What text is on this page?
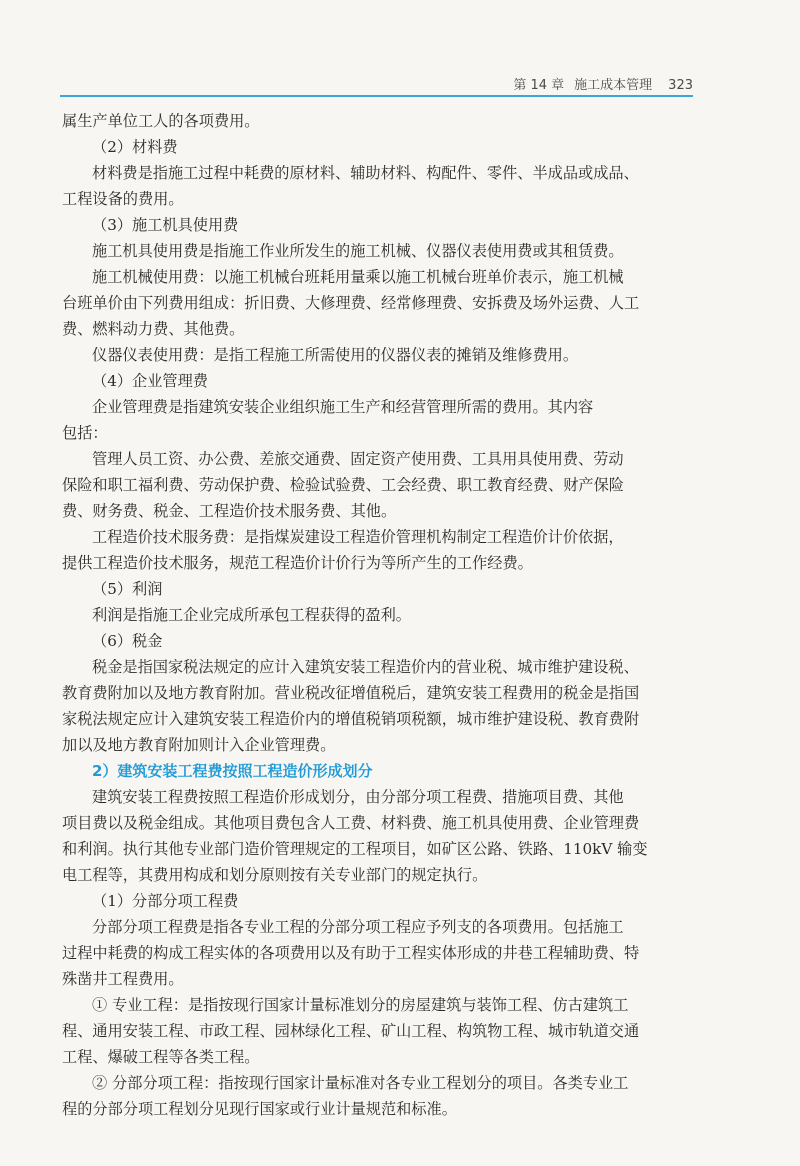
第 14 章 施工成本管理 323

属生产单位工人的各项费用。

（2）材料费

材料费是指施工过程中耗费的原材料、辅助材料、构配件、零件、半成品或成品、

工程设备的费用。

（3）施工机具使用费

施工机具使用费是指施工作业所发生的施工机械、仪器仪表使用费或其租赁费。

施工机械使用费：以施工机械台班耗用量乘以施工机械台班单价表示，施工机械

台班单价由下列费用组成：折旧费、大修理费、经常修理费、安拆费及场外运费、人工

费、燃料动力费、其他费。

仪器仪表使用费：是指工程施工所需使用的仪器仪表的摊销及维修费用。

（4）企业管理费

企业管理费是指建筑安装企业组织施工生产和经营管理所需的费用。其内容

包括：

管理人员工资、办公费、差旅交通费、固定资产使用费、工具用具使用费、劳动

保险和职工福利费、劳动保护费、检验试验费、工会经费、职工教育经费、财产保险

费、财务费、税金、工程造价技术服务费、其他。

工程造价技术服务费：是指煤炭建设工程造价管理机构制定工程造价计价依据，

提供工程造价技术服务，规范工程造价计价行为等所产生的工作经费。

（5）利润

利润是指施工企业完成所承包工程获得的盈利。

（6）税金

税金是指国家税法规定的应计入建筑安装工程造价内的营业税、城市维护建设税、

教育费附加以及地方教育附加。营业税改征增值税后，建筑安装工程费用的税金是指国

家税法规定应计入建筑安装工程造价内的增值税销项税额，城市维护建设税、教育费附

加以及地方教育附加则计入企业管理费。

2）建筑安装工程费按照工程造价形成划分

建筑安装工程费按照工程造价形成划分，由分部分项工程费、措施项目费、其他

项目费以及税金组成。其他项目费包含人工费、材料费、施工机具使用费、企业管理费

和利润。执行其他专业部门造价管理规定的工程项目，如矿区公路、铁路、110kV 输变

电工程等，其费用构成和划分原则按有关专业部门的规定执行。

（1）分部分项工程费

分部分项工程费是指各专业工程的分部分项工程应予列支的各项费用。包括施工

过程中耗费的构成工程实体的各项费用以及有助于工程实体形成的井巷工程辅助费、特

殊凿井工程费用。

① 专业工程：是指按现行国家计量标准划分的房屋建筑与装饰工程、仿古建筑工

程、通用安装工程、市政工程、园林绿化工程、矿山工程、构筑物工程、城市轨道交通

工程、爆破工程等各类工程。

② 分部分项工程：指按现行国家计量标准对各专业工程划分的项目。各类专业工

程的分部分项工程划分见现行国家或行业计量规范和标准。
